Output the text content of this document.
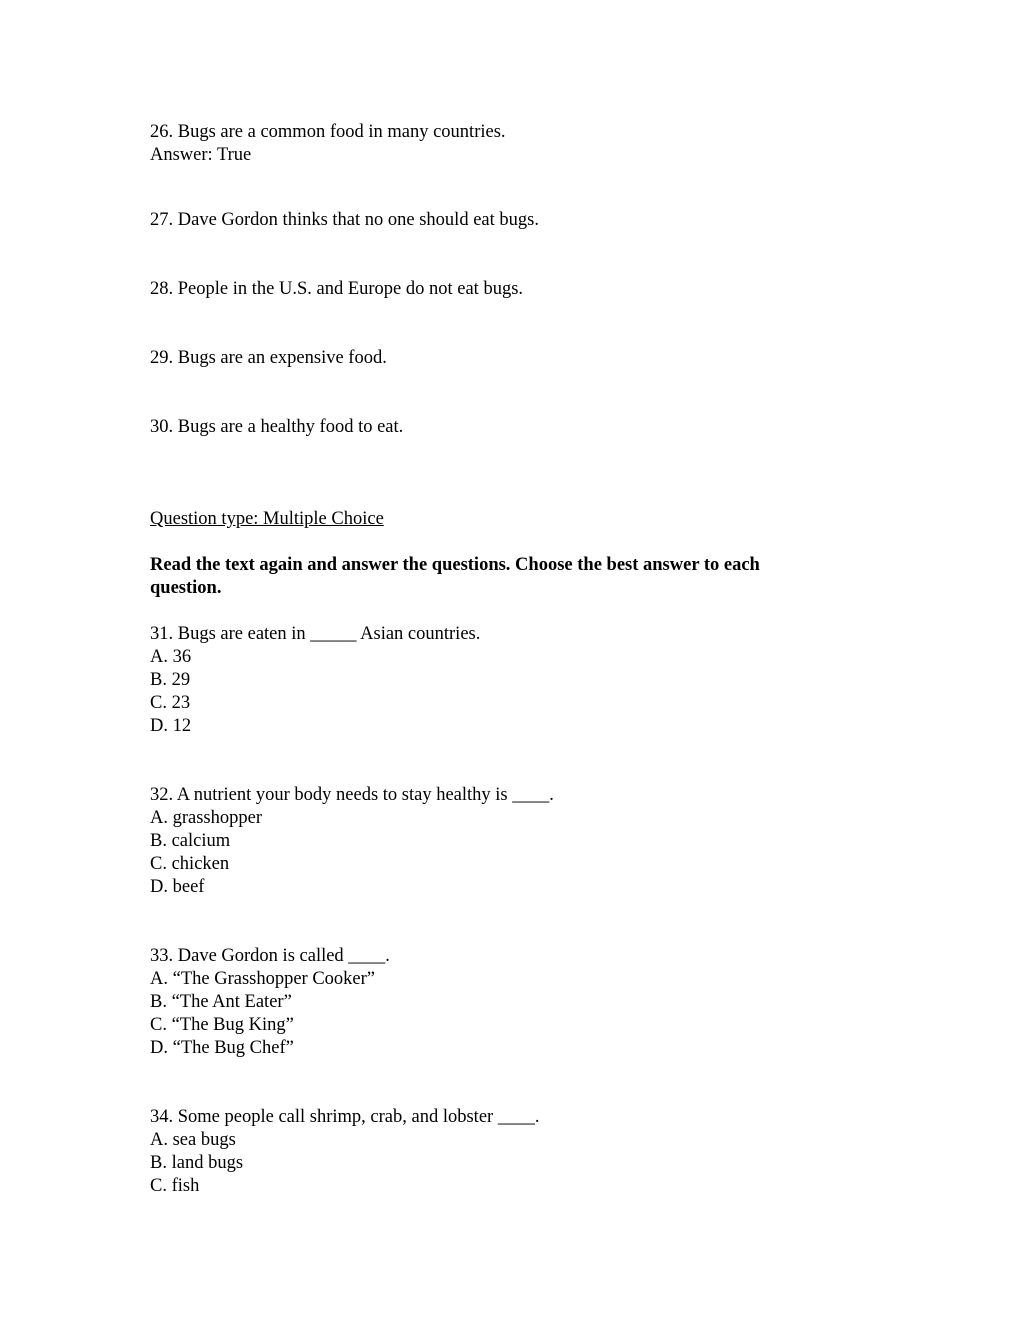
26. Bugs are a common food in many countries.
Answer: True
27. Dave Gordon thinks that no one should eat bugs.
28. People in the U.S. and Europe do not eat bugs.
29. Bugs are an expensive food.
30. Bugs are a healthy food to eat.
Question type: Multiple Choice
Read the text again and answer the questions. Choose the best answer to each
question.
31. Bugs are eaten in _____ Asian countries.
A. 36
B. 29
C. 23
D. 12
32. A nutrient your body needs to stay healthy is ____.
A. grasshopper
B. calcium
C. chicken
D. beef
33. Dave Gordon is called ____.
A. “The Grasshopper Cooker”
B. “The Ant Eater”
C. “The Bug King”
D. “The Bug Chef”
34. Some people call shrimp, crab, and lobster ____.
A. sea bugs
B. land bugs
C. fish
